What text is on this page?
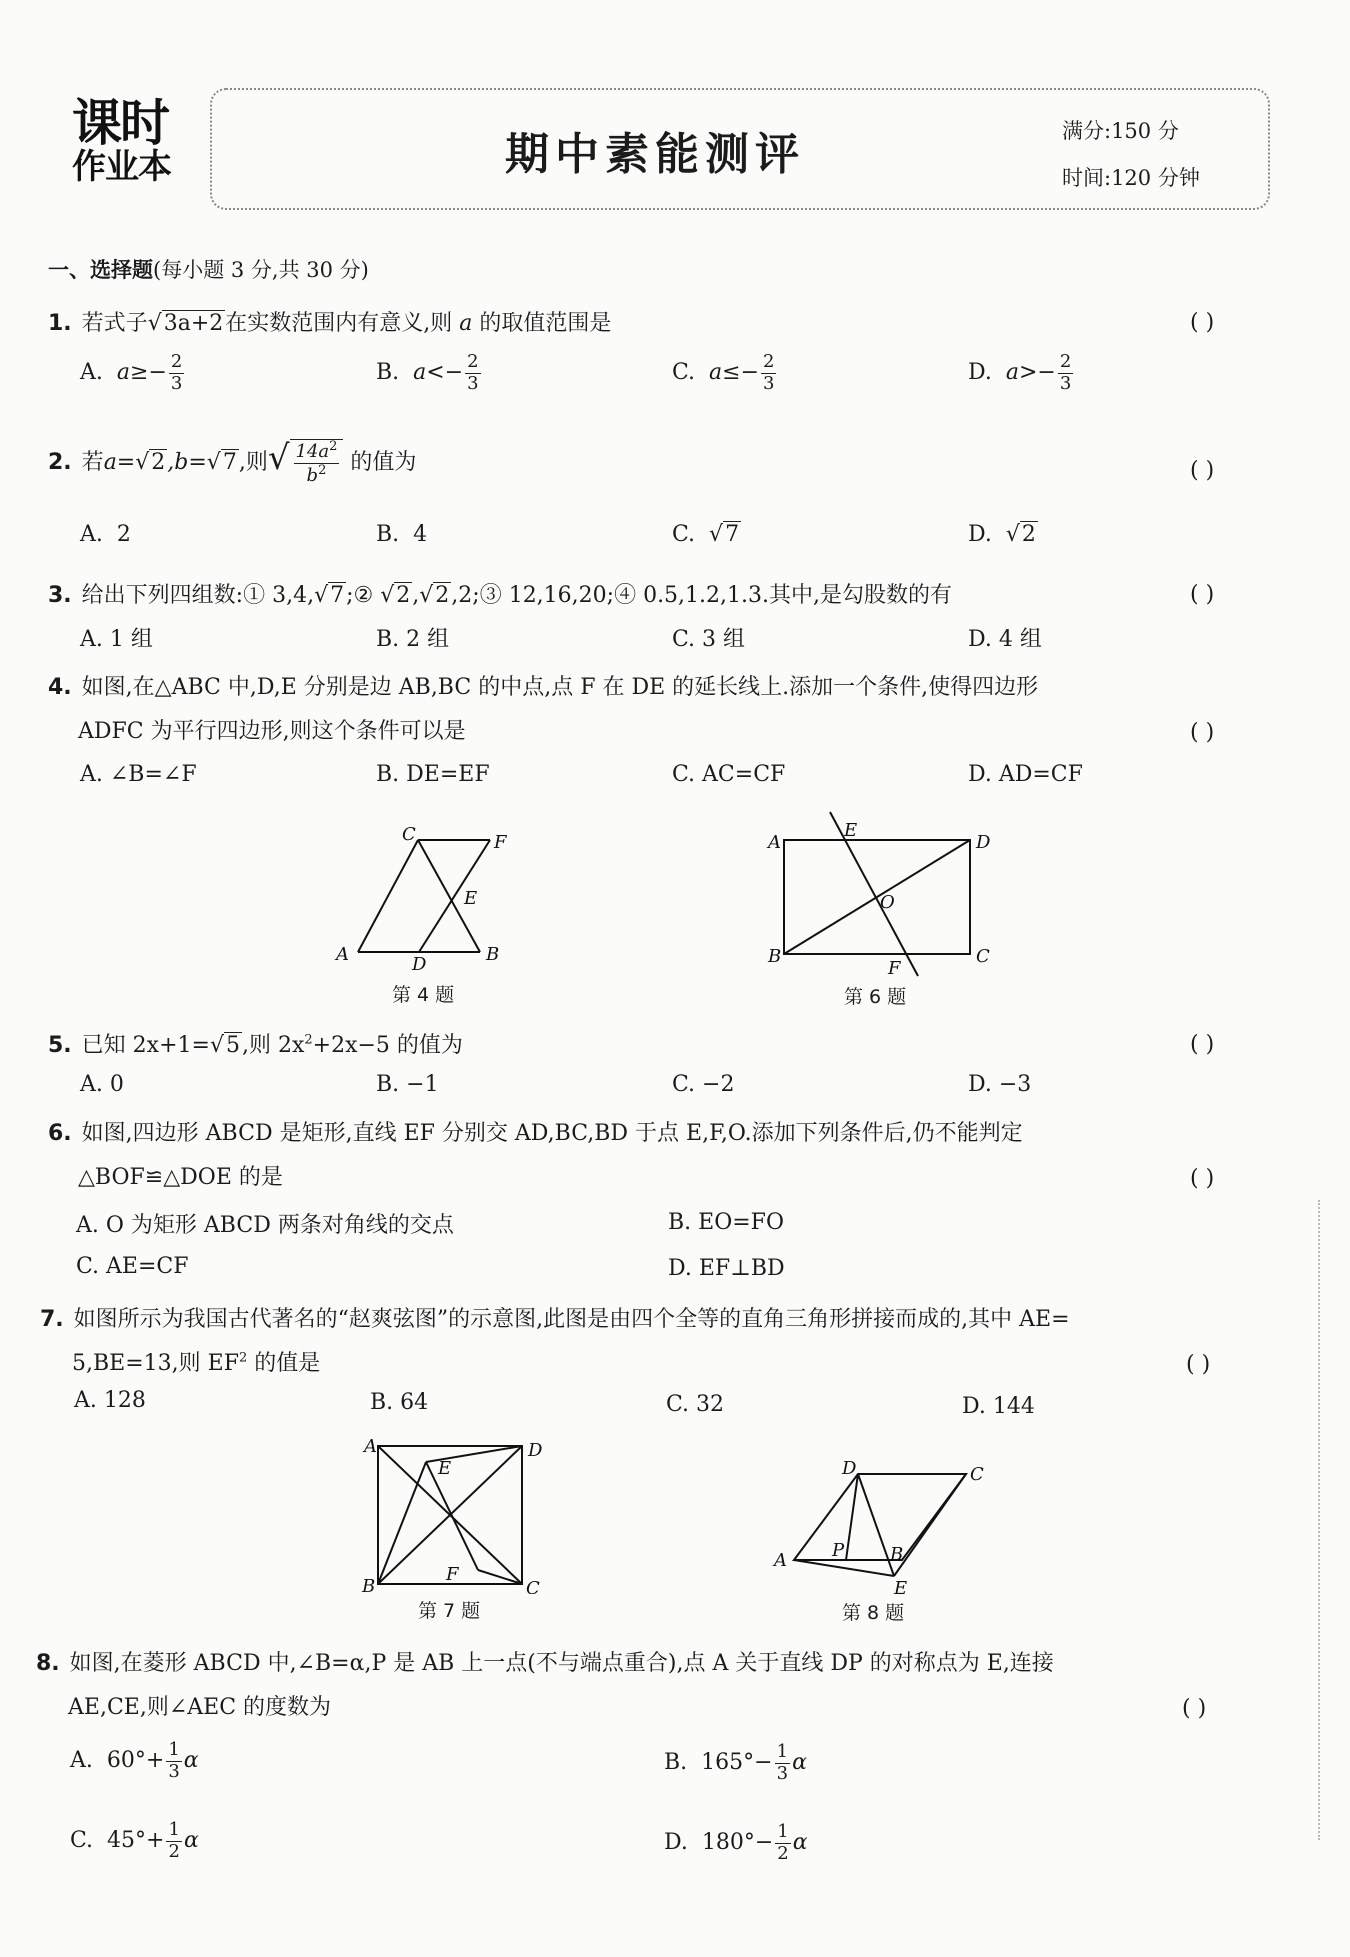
课时
作业本	期中素能测评	满分:150 分
时间:120 分钟
一、选择题(每小题 3 分,共 30 分)
1. 若式子√3a+2在实数范围内有意义,则 a 的取值范围是	( )
A. $a\ge- \frac{2}{3}$	B. $a<- \frac{2}{3}$	C. $a\le- \frac{2}{3}$	D. $a>- \frac{2}{3}$
2. 若a=√2,b=√7,则√ $\frac{14a^2}{b^2}$ 的值为	( )
A. 2	B. 4	C.  √7	D.  √2
3. 给出下列四组数:① 3,4,√7;② √2,√2,2;③ 12,16,20;④ 0.5,1.2,1.3.其中,是勾股数的有	( )
A. 1 组	B. 2 组	C. 3 组	D. 4 组
4. 如图,在△ABC 中,D,E 分别是边 AB,BC 的中点,点 F 在 DE 的延长线上.添加一个条件,使得四边形
ADFC 为平行四边形,则这个条件可以是	( )
A. ∠B=∠F	B. DE=EF	C. AC=CF	D. AD=CF
C	F
E
A	D	B
第 4 题
A
E
D
O
B
F
C
第 6 题
5. 已知 2x+1=√5,则 $2x^2+2x-5$ 的值为	( )
A. 0	B. −1	C. −2	D. −3
6. 如图,四边形 ABCD 是矩形,直线 EF 分别交 AD,BC,BD 于点 E,F,O.添加下列条件后,仍不能判定
△BOF≌△DOE 的是	( )
A. O 为矩形 ABCD 两条对角线的交点	B. EO=FO
C. AE=CF	D. EF⊥BD
7. 如图所示为我国古代著名的“赵爽弦图”的示意图,此图是由四个全等的直角三角形拼接而成的,其中 AE=
5,BE=13,则 $EF^2$ 的值是	( )
A. 128	B. 64	C. 32	D. 144
A
E
D
B
F
C
第 7 题
D	C
A	P	B
E
第 8 题
8. 如图,在菱形 ABCD 中,∠B=α,P 是 AB 上一点(不与端点重合),点 A 关于直线 DP 的对称点为 E,连接
AE,CE,则∠AEC 的度数为	( )
A. $60^\circ+ \frac{1}{3}$ α	B. $165^\circ- \frac{1}{3}$ α
C. $45^\circ+ \frac{1}{2}$ α	D. $180^\circ- \frac{1}{2}$ α
